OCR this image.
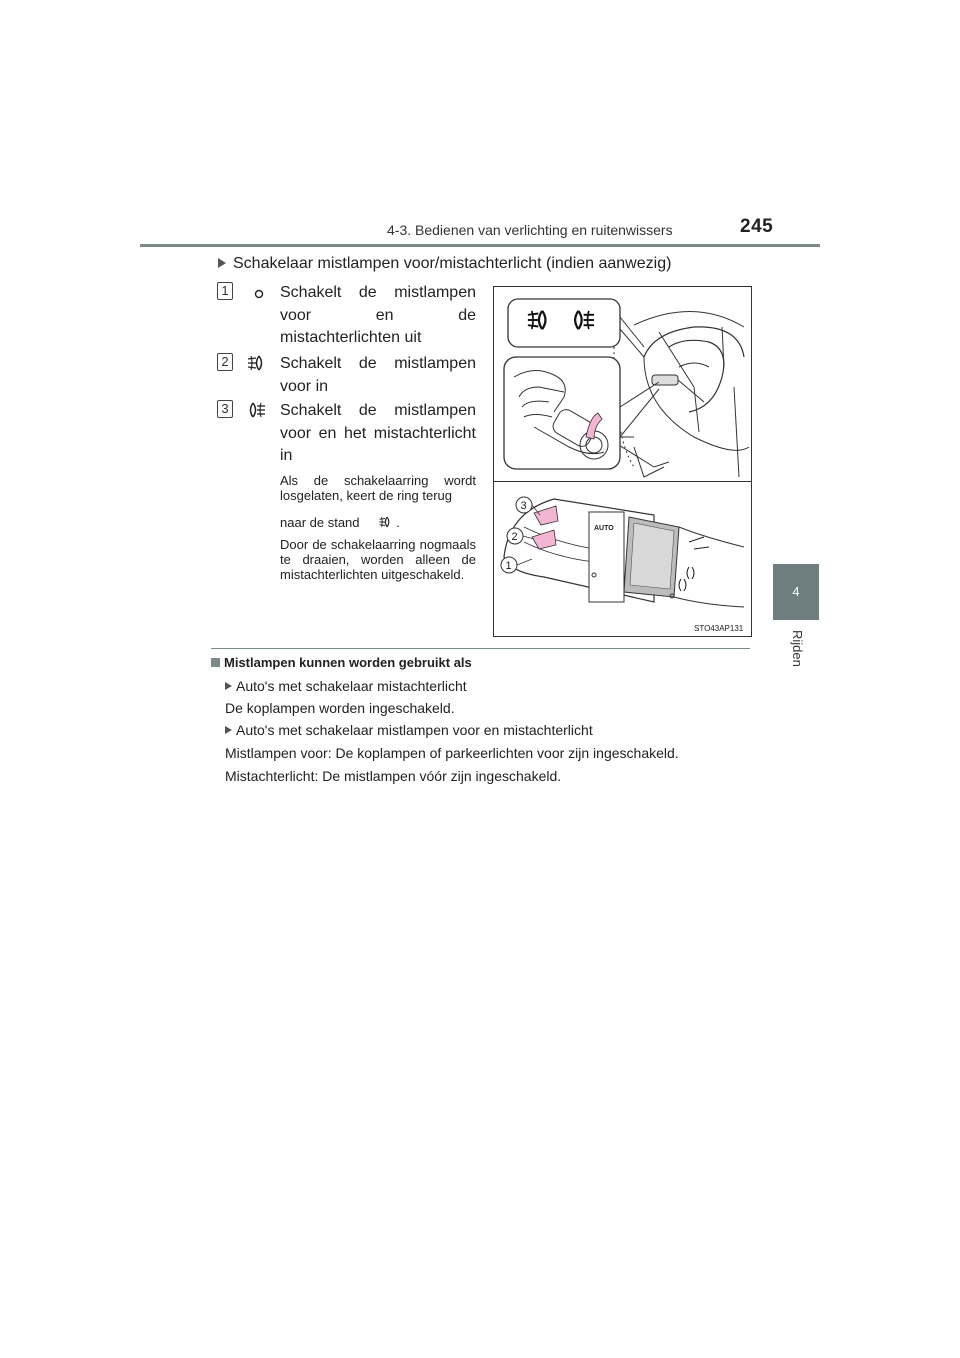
4-3. Bedienen van verlichting en ruitenwissers	245
4
Rijden
Schakelaar mistlampen voor/mistachterlicht (indien aanwezig)
1	Schakelt de mistlampen voor en de mistachterlichten uit
2	Schakelt de mistlampen voor in
3	Schakelt de mistlampen voor en het mistachterlicht in
Als de schakelaarring wordt losgelaten, keert de ring terug
naar de stand	.
Door de schakelaarring nogmaals te draaien, worden alleen de mistachterlichten uitgeschakeld.
AUTO
3
2
1
STO43AP131
Mistlampen kunnen worden gebruikt als
Auto's met schakelaar mistachterlicht
De koplampen worden ingeschakeld.
Auto's met schakelaar mistlampen voor en mistachterlicht
Mistlampen voor: De koplampen of parkeerlichten voor zijn ingeschakeld.
Mistachterlicht: De mistlampen vóór zijn ingeschakeld.
